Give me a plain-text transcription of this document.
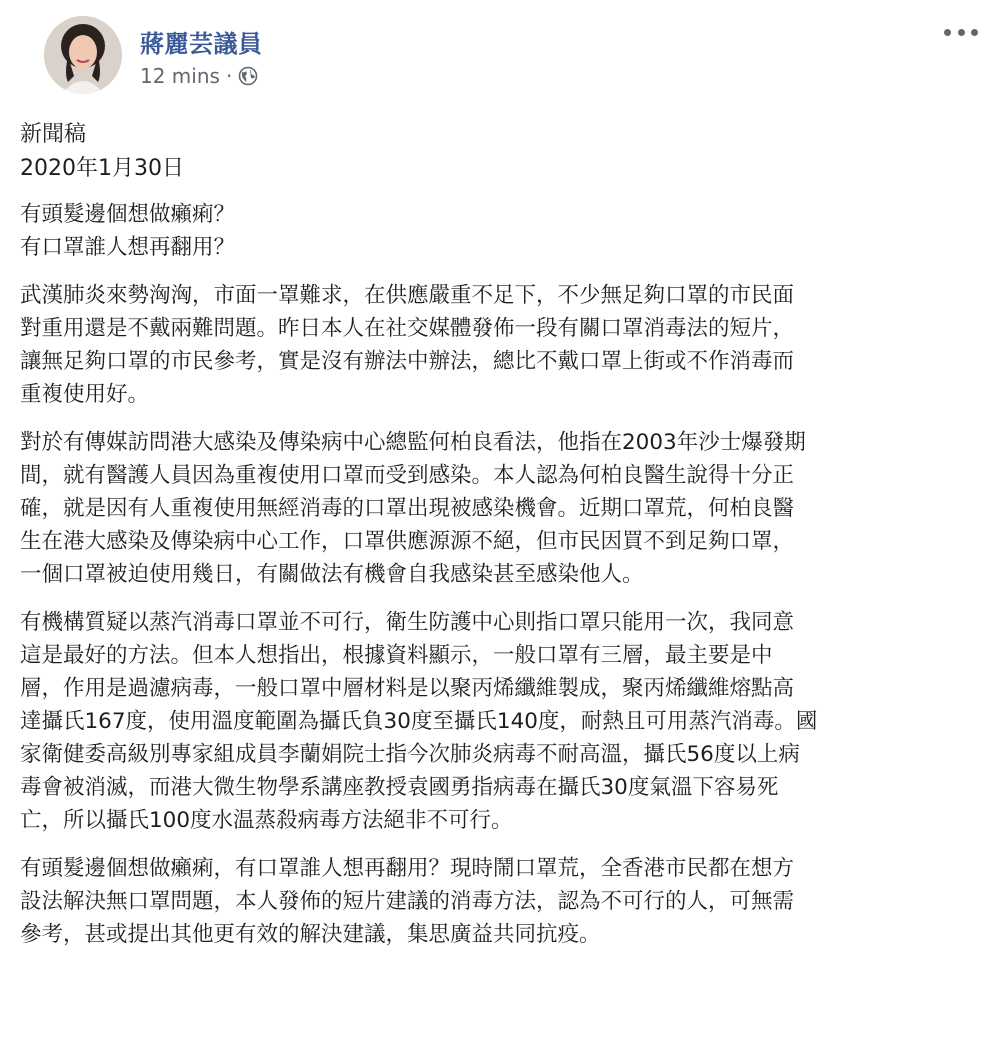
蔣麗芸議員
12 mins ·

新聞稿
2020年1月30日

有頭髮邊個想做癩痢？
有口罩誰人想再翻用？

武漢肺炎來勢洶洶，市面一罩難求，在供應嚴重不足下，不少無足夠口罩的市民面
對重用還是不戴兩難問題。昨日本人在社交媒體發佈一段有關口罩消毒法的短片，
讓無足夠口罩的市民參考，實是沒有辦法中辦法，總比不戴口罩上街或不作消毒而
重複使用好。

對於有傳媒訪問港大感染及傳染病中心總監何柏良看法，他指在2003年沙士爆發期
間，就有醫護人員因為重複使用口罩而受到感染。本人認為何柏良醫生說得十分正
確，就是因有人重複使用無經消毒的口罩出現被感染機會。近期口罩荒，何柏良醫
生在港大感染及傳染病中心工作，口罩供應源源不絕，但市民因買不到足夠口罩，
一個口罩被迫使用幾日，有關做法有機會自我感染甚至感染他人。

有機構質疑以蒸汽消毒口罩並不可行，衛生防護中心則指口罩只能用一次，我同意
這是最好的方法。但本人想指出，根據資料顯示，一般口罩有三層，最主要是中
層，作用是過濾病毒，一般口罩中層材料是以聚丙烯纖維製成，聚丙烯纖維熔點高
達攝氏167度，使用溫度範圍為攝氏負30度至攝氏140度，耐熱且可用蒸汽消毒。國
家衛健委高級別專家組成員李蘭娟院士指今次肺炎病毒不耐高溫，攝氏56度以上病
毒會被消滅，而港大微生物學系講座教授袁國勇指病毒在攝氏30度氣溫下容易死
亡，所以攝氏100度水温蒸殺病毒方法絕非不可行。

有頭髮邊個想做癩痢，有口罩誰人想再翻用？現時鬧口罩荒，全香港市民都在想方
設法解決無口罩問題，本人發佈的短片建議的消毒方法，認為不可行的人，可無需
參考，甚或提出其他更有效的解決建議，集思廣益共同抗疫。
